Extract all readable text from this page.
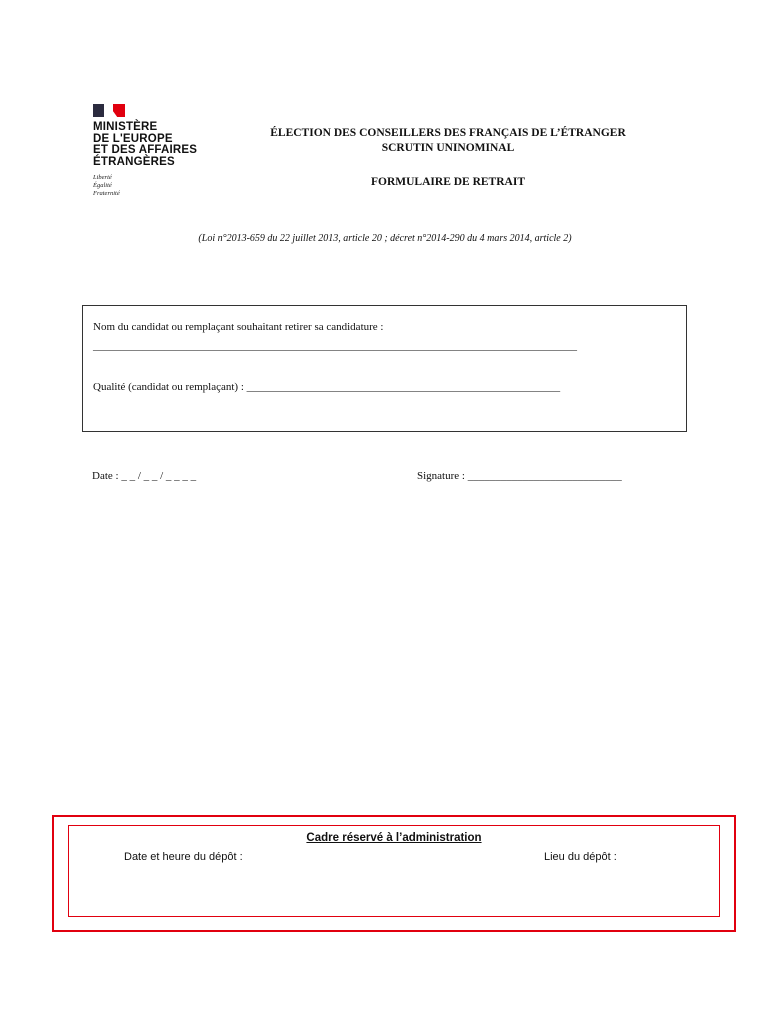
MINISTÈRE
DE L'EUROPE
ET DES AFFAIRES
ÉTRANGÈRES
Liberté
Égalité
Fraternité
ÉLECTION DES CONSEILLERS DES FRANÇAIS DE L’ÉTRANGER
SCRUTIN UNINOMINAL
FORMULAIRE DE RETRAIT
(Loi n°2013-659 du 22 juillet 2013, article 20 ; décret n°2014-290 du 4 mars 2014, article 2)
Nom du candidat ou remplaçant souhaitant retirer sa candidature :
________________________________________________________________________________________
Qualité (candidat ou remplaçant) : _________________________________________________________
Date : _ _ / _ _ / _ _ _ _	Signature : ____________________________
Cadre réservé à l’administration
Date et heure du dépôt :	Lieu du dépôt :
